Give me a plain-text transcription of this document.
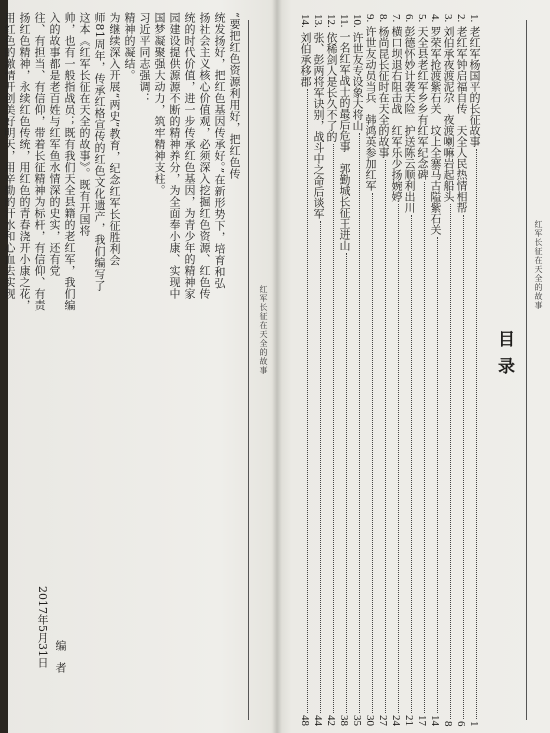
红军长征在天全的故事
“要把红色资源利用好，把红色传
统发扬好，把红色基因传承好。”在新形势下，培育和弘
扬社会主义核心价值观，必须深入挖掘红色资源、红色传
统的时代价值，进一步传承红色基因，为青少年的精神家
园建设提供源源不断的精神养分，为全面奉小康、实现中
国梦凝聚强大动力，筑牢精神支柱。
习近平同志强调：
精神的凝结。
为继续深入开展“两史”教育，纪念红军长征胜利会
师81周年，传承红格宣传的红色文化遗产，我们编写了
这本《红军长征在天全的故事》。既有开国将
帅，也有一般指战员；既有我们天全县籍的老红军，我们编
入的故事都是老百姓与红军鱼水情深的史实，还有党
往、有担当、有信仰，带着长征精神为标杆，有信仰、有责
扬红色精神，永续红色传统，用红色的青春浇开小康之花，
用红色的激情开创美好明天，用辛勤的汗水和心血去实现
编　者
2017年5月31日
红军长征在天全的故事
目录
1.
老红军杨国平的长征故事
1
2.
老红军钟启福自传　天全人民热情相帮
6
3.
刘伯承夜渡泥尕　夜渡喇嘛岩起船头
8
4.
罗荣军抢渡紫石关　坟上全寨马古隘紫石关
14
5.
天全县老红军乡乡有红军纪念碑
17
6.
彭德怀妙计袭天险　护送陈云顺利出川
21
7.
横口坝退右阻击战　红军乐少扬婉婷
24
8.
杨尚昆长征时在天全的故事
27
9.
许世友动员当兵　韩鸿英参加红军
30
10.
许世友专设象大将山
35
11.
一名红军战士的最后危事　郭勤城长征王进山
38
12.
依稀剑人是长久不了的
42
13.
张、彭两将军诀别，战斗中之命后谈军
44
14.
刘伯承移郡
48
